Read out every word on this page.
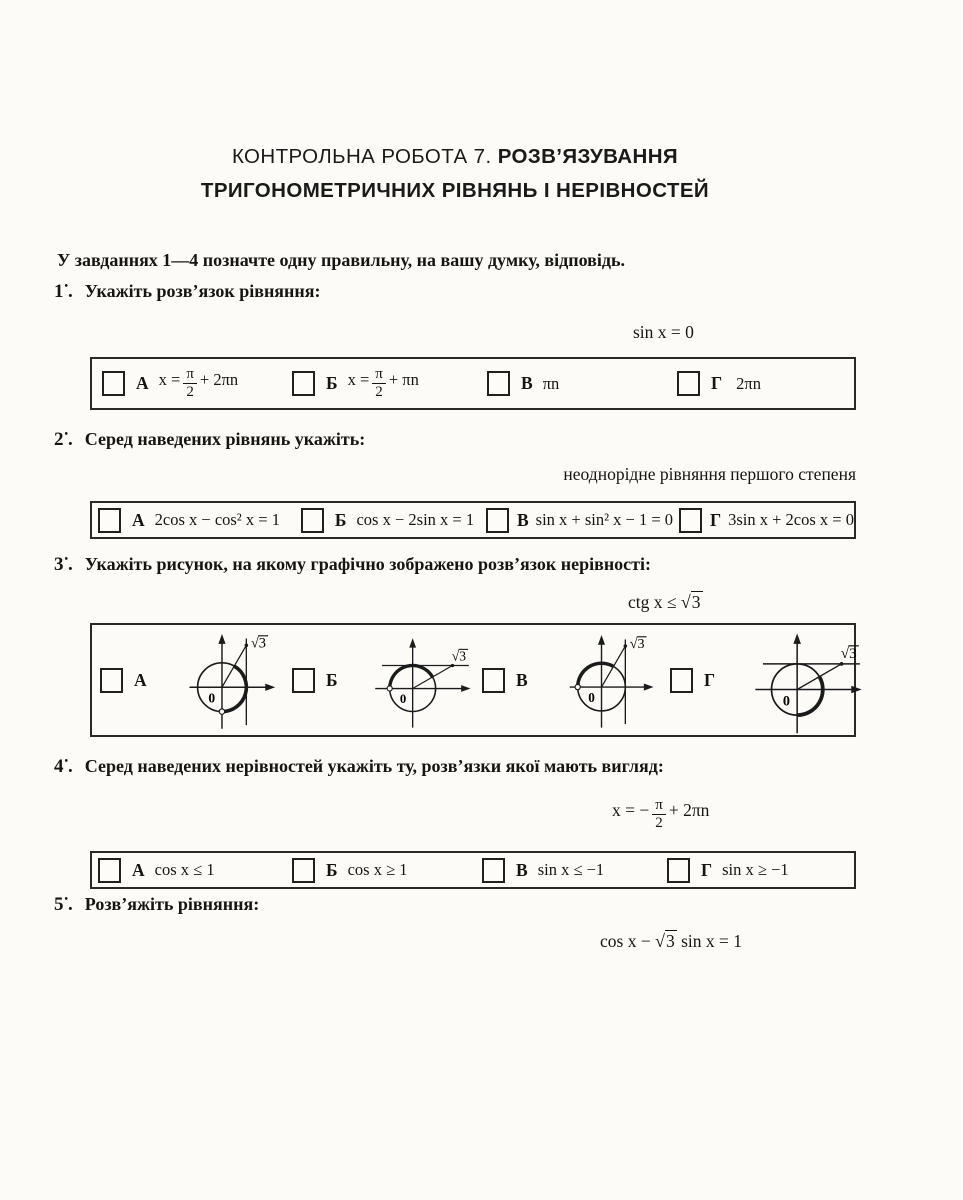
КОНТРОЛЬНА РОБОТА 7. РОЗВ’ЯЗУВАННЯ
ТРИГОНОМЕТРИЧНИХ РІВНЯНЬ І НЕРІВНОСТЕЙ
У завданнях 1—4 позначте одну правильну, на вашу думку, відповідь.
1•. Укажіть розв’язок рівняння:
sin x = 0
А $x = \frac{\pi}{2} + 2\pi n$	Б $x = \frac{\pi}{2} + \pi n$	В πn	Г 2πn
2•. Серед наведених рівнянь укажіть:
неоднорідне рівняння першого степеня
А 2cos x − cos² x = 1	Б cos x − 2sin x = 1 В sin x + sin² x − 1 = 0 Г 3sin x + 2cos x = 0
3•. Укажіть рисунок, на якому графічно зображено розв’язок нерівності:
ctg x ≤ √3
А
0
√3
Б
0
√3
В
0
√3
Г
0
√3
4•. Серед наведених нерівностей укажіть ту, розв’язки якої мають вигляд:
x = − $\frac{\pi}{2} + 2\pi n$
А cos x ≤ 1	Б cos x ≥ 1	В sin x ≤ −1	Г sin x ≥ −1
5•. Розв’яжіть рівняння:
cos x − √3 sin x = 1
